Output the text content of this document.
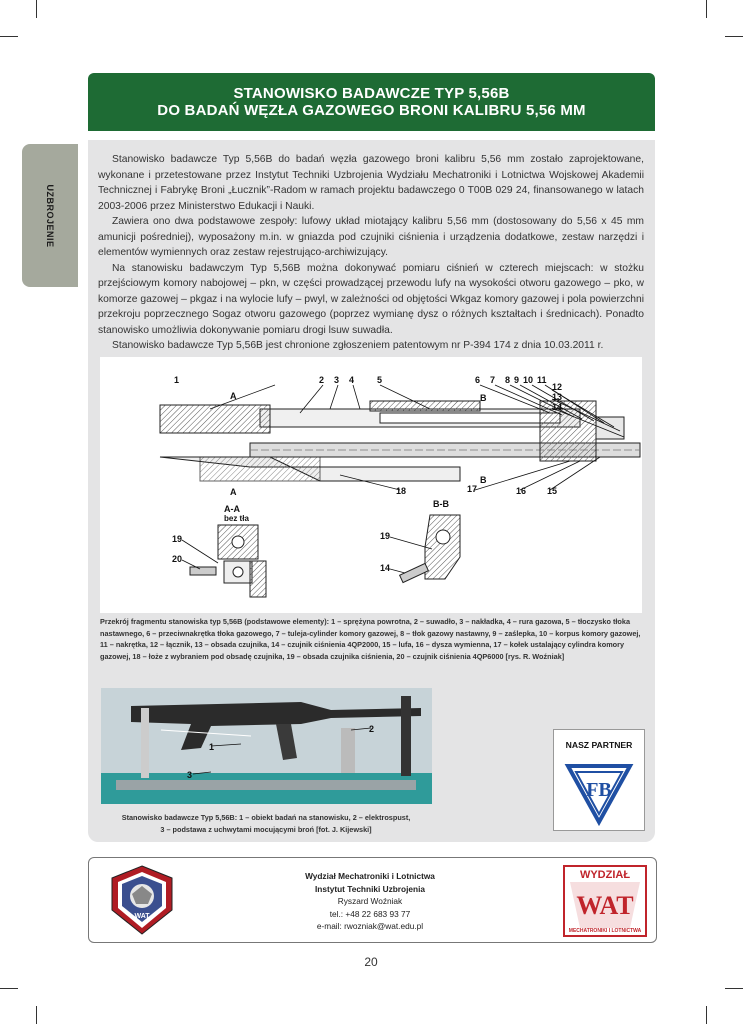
STANOWISKO BADAWCZE TYP 5,56B
DO BADAŃ WĘZŁA GAZOWEGO BRONI KALIBRU 5,56 MM
UZBROJENIE

Stanowisko badawcze Typ 5,56B do badań węzła gazowego broni kalibru 5,56 mm zostało zaprojektowane, wykonane i przetestowane przez Instytut Techniki Uzbrojenia Wydziału Mechatroniki i Lotnictwa Wojskowej Akademii Technicznej i Fabrykę Broni „Łucznik”-Radom w ramach projektu badawczego 0 T00B 029 24, finansowanego w latach 2003-2006 przez Ministerstwo Edukacji i Nauki.

Zawiera ono dwa podstawowe zespoły: lufowy układ miotający kalibru 5,56 mm (dostosowany do 5,56 x 45 mm amunicji pośredniej), wyposażony m.in. w gniazda pod czujniki ciśnienia i urządzenia dodatkowe, zestaw narzędzi i elementów wymiennych oraz zestaw rejestrująco-archiwizujący.

Na stanowisku badawczym Typ 5,56B można dokonywać pomiaru ciśnień w czterech miejscach: w stożku przejściowym komory nabojowej – pkn, w części prowadzącej przewodu lufy na wysokości otworu gazowego – pko, w komorze gazowej – pkgaz i na wylocie lufy – pwyl, w zależności od objętości Wkgaz komory gazowej i pola powierzchni przekroju poprzecznego Sogaz otworu gazowego (poprzez wymianę dysz o różnych kształtach i średnicach). Ponadto stanowisko umożliwia dokonywanie pomiaru drogi lsuw suwadła.

Stanowisko badawcze Typ 5,56B jest chronione zgłoszeniem patentowym nr P-394 174 z dnia 10.03.2011 r.

1	2 3 4	5	6 7 8 9 10 11
12
13
14
15
16
17
18
19
20
19
14
A
A
B
B
A-A
bez tła
B-B
Przekrój fragmentu stanowiska typ 5,56B (podstawowe elementy): 1 – sprężyna powrotna, 2 – suwadło, 3 – nakładka, 4 – rura gazowa, 5 – tłoczysko tłoka nastawnego, 6 – przeciwnakrętka tłoka gazowego, 7 – tuleja-cylinder komory gazowej, 8 – tłok gazowy nastawny, 9 – zaślepka, 10 – korpus komory gazowej, 11 – nakrętka, 12 – łącznik, 13 – obsada czujnika, 14 – czujnik ciśnienia 4QP2000, 15 – lufa, 16 – dysza wymienna, 17 – kołek ustalający cylindra komory gazowej, 18 – łoże z wybraniem pod obsadę czujnika, 19 – obsada czujnika ciśnienia, 20 – czujnik ciśnienia 4QP6000 [rys. R. Woźniak]
1
2
3
Stanowisko badawcze Typ 5,56B: 1 – obiekt badań na stanowisku, 2 – elektrospust,
3 – podstawa z uchwytami mocującymi broń [fot. J. Kijewski]
NASZ PARTNER
FB
WAT
Wydział Mechatroniki i Lotnictwa
Instytut Techniki Uzbrojenia
Ryszard Woźniak
tel.: +48 22 683 93 77
e-mail: rwozniak@wat.edu.pl
WYDZIAŁ
WAT
MECHATRONIKI I LOTNICTWA
20
